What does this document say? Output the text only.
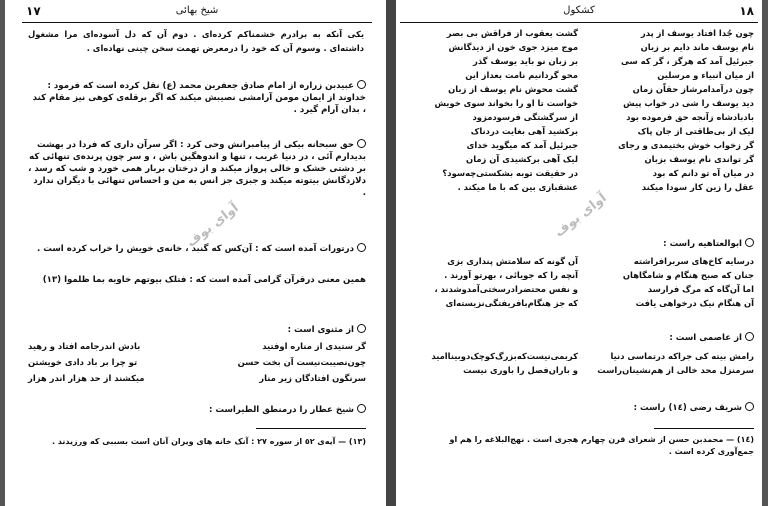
شیخ بهائی
١٧
یکی آنکه به برادرم خشمناکم کرده‌ای . دوم آن که دل آسوده‌ای مرا مشغول داشته‌ای . وسوم آن که خود را درمعرض تهمت سخن چینی نهاده‌ای .
عبیدبن زراره از امام صادق جعفربن محمد (ع) نقل کرده است که فرمود : خداوند از ایمان مومن آرامشی نصیبش میکند که اگر برقله‌ی کوهی نیز مقام کند ، بدان آرام گیرد .
حق سبحانه بیکی از پیامبرانش وحی کرد : اگر سرآن داری که فردا در بهشت بدیدارم آئی ، در دنیا غریب ، تنها و اندوهگین باش ، و سر چون پرنده‌ی تنهائی که بر دشتی خشک و خالی پرواز میکند و از درختان بربار همی خورد و شب که رسد ، دلازدگانش بیتوته میکند و جبزی جز انس به من و احساس تنهائی با دیگران ندارد .
درتورات آمده است که : آن‌کس که گنبد ، خانه‌ی خویش را خراب کرده است .
همین معنی درقرآن گرامی آمده است که : فتلک بیوتهم خاویه بما ظلموا (١٣)
از مثنوی است :
گر ستیدی از مناره اوفتید
بادش اندرجامه افتاد و رهید
چون‌نصیبت‌نیست آن بخت حسن
تو چرا بر باد دادی خویشتن
سرنگون افتادگان زیر منار
میکشند از حد هزار اندر هزار
شیخ عطار را درمنطق الطیراست :
(١٣) — آیه‌ی ٥٢ از سوره ٢٧ : آنک خانه های ویران آنان است بسببی که ورزیدند .
آوای بوف
کشکول	١٨
چون جُدا افتاد یوسف از پدر
نام یوسف ماند دایم بر زبان
جبرئیل آمد که هرگز ، گر که سی
از میان انبیاء و مرسلین
چون درآمدامرشاز حقاّن زمان
دید یوسف را شی در خواب پیش
باد‌بادشاه زآنجه حق فرموده بود
لیک از بی‌طاقتی از جان پاک
گر زخواب خوش بختیمدی و رجای
گر تواندی نام یوسف بزبان
در میان آه تو دانم که بود
عقل را زین کار سودا میکند
گشت یعقوب از فراقش بی بصر
موج میزد جوی خون از دیدگانش
بر زبان نو باید یوسف گذر
محو گردانیم نامت بعداز این
گشت محوش نام یوسف از زبان
خواست تا او را بخواند سوی خویش
از سرگشتگی فرسودمزود
برکشید آهی بغایت دردناک
جبرئیل آمد که میگوید خدای
لیک آهی برکشیدی آن زمان
در حقیقت توبه بشکستی‌چه‌سود؟
عشقبازی بین که با ما میکند .
ابوالعتاهیه راست :
درسایه کاخ‌های سربرافراشته
جنان که صبح هنگام و شامگاهان
اما آن‌گاه که مرگ فرارسد
آن هنگام نیک درخواهی یافت
آن گونه که سلامتش پنداری بزی
آنچه را که جویائی ، بهرتو آورند .
و نفس محتضر‌ادرسختی‌آمدوشدند ،
که جز هنگام‌بافریفتگی‌نزیسته‌ای
از عاصمی است :
رامش بیته کی جراکه درتماسی دنیا
سرمنزل محد خالی از هم‌نشینان‌راست
کربمی‌نیست‌که‌بزرگ‌کوچک‌دوبیناامید
و باران‌فصل را باوری نیست
شریف رضی (١٤) راست :
(١٤) — محمدبن حسن از شعرای قرن چهارم هجری است . نهج‌البلاغه را هم او جمع‌آوری کرده است .
آوای بوف
